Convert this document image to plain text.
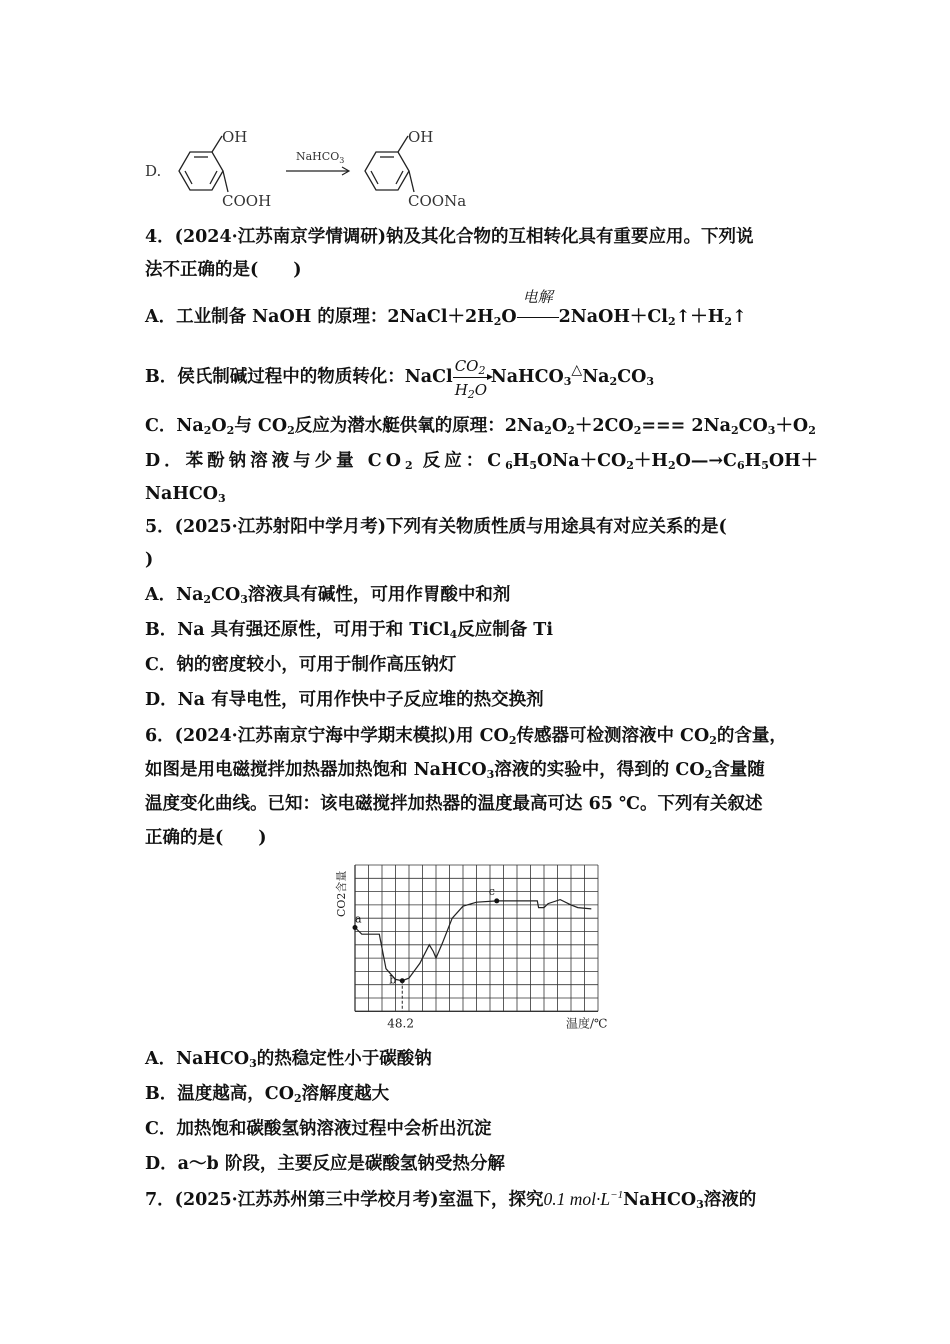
D.
OH
COOH
NaHCO$_3$
OH
COONa
4．(2024·江苏南京学情调研)钠及其化合物的互相转化具有重要应用。下列说
法不正确的是(　　)
A．工业制备 NaOH 的原理：$2NaCl+2H_2O$
电解
$2NaOH+Cl_2↑+H_2↑$
B．侯氏制碱过程中的物质转化：NaCl $\frac{CO_2}{H_2O}$ $NaHCO_3^\triangle Na_2CO_3$
C．$Na_2O_2$与 $CO_2$反应为潜水艇供氧的原理：$2Na_2O_2+2CO_2=== 2Na_2CO_3+O_2$
D．苯酚钠溶液与少量 $CO_2$ 反应：$C_6H_5ONa+CO_2+H_2O—\to C_6H_5OH+$
NaHCO$_3$
5．(2025·江苏射阳中学月考)下列有关物质性质与用途具有对应关系的是(
)
A．$Na_2CO_3$溶液具有碱性，可用作胃酸中和剂
B．Na 具有强还原性，可用于和 TiCl$_4$反应制备 Ti
C．钠的密度较小，可用于制作高压钠灯
D．Na 有导电性，可用作快中子反应堆的热交换剂
6．(2024·江苏南京宁海中学期末模拟)用 $CO_2$传感器可检测溶液中 $CO_2$的含量，
如图是用电磁搅拌加热器加热饱和 NaHCO$_3$溶液的实验中，得到的 $CO_2$含量随
温度变化曲线。已知：该电磁搅拌加热器的温度最高可达 65 ℃。下列有关叙述
正确的是(　　)
CO2含量
a
b
c
48.2	温度/℃
A．NaHCO$_3$的热稳定性小于碳酸钠
B．温度越高，$CO_2$溶解度越大
C．加热饱和碳酸氢钠溶液过程中会析出沉淀
D．a～b 阶段，主要反应是碳酸氢钠受热分解
7．(2025·江苏苏州第三中学校月考)室温下，探究0.1 $mol\cdot L^{-1}NaHCO_3$溶液的
